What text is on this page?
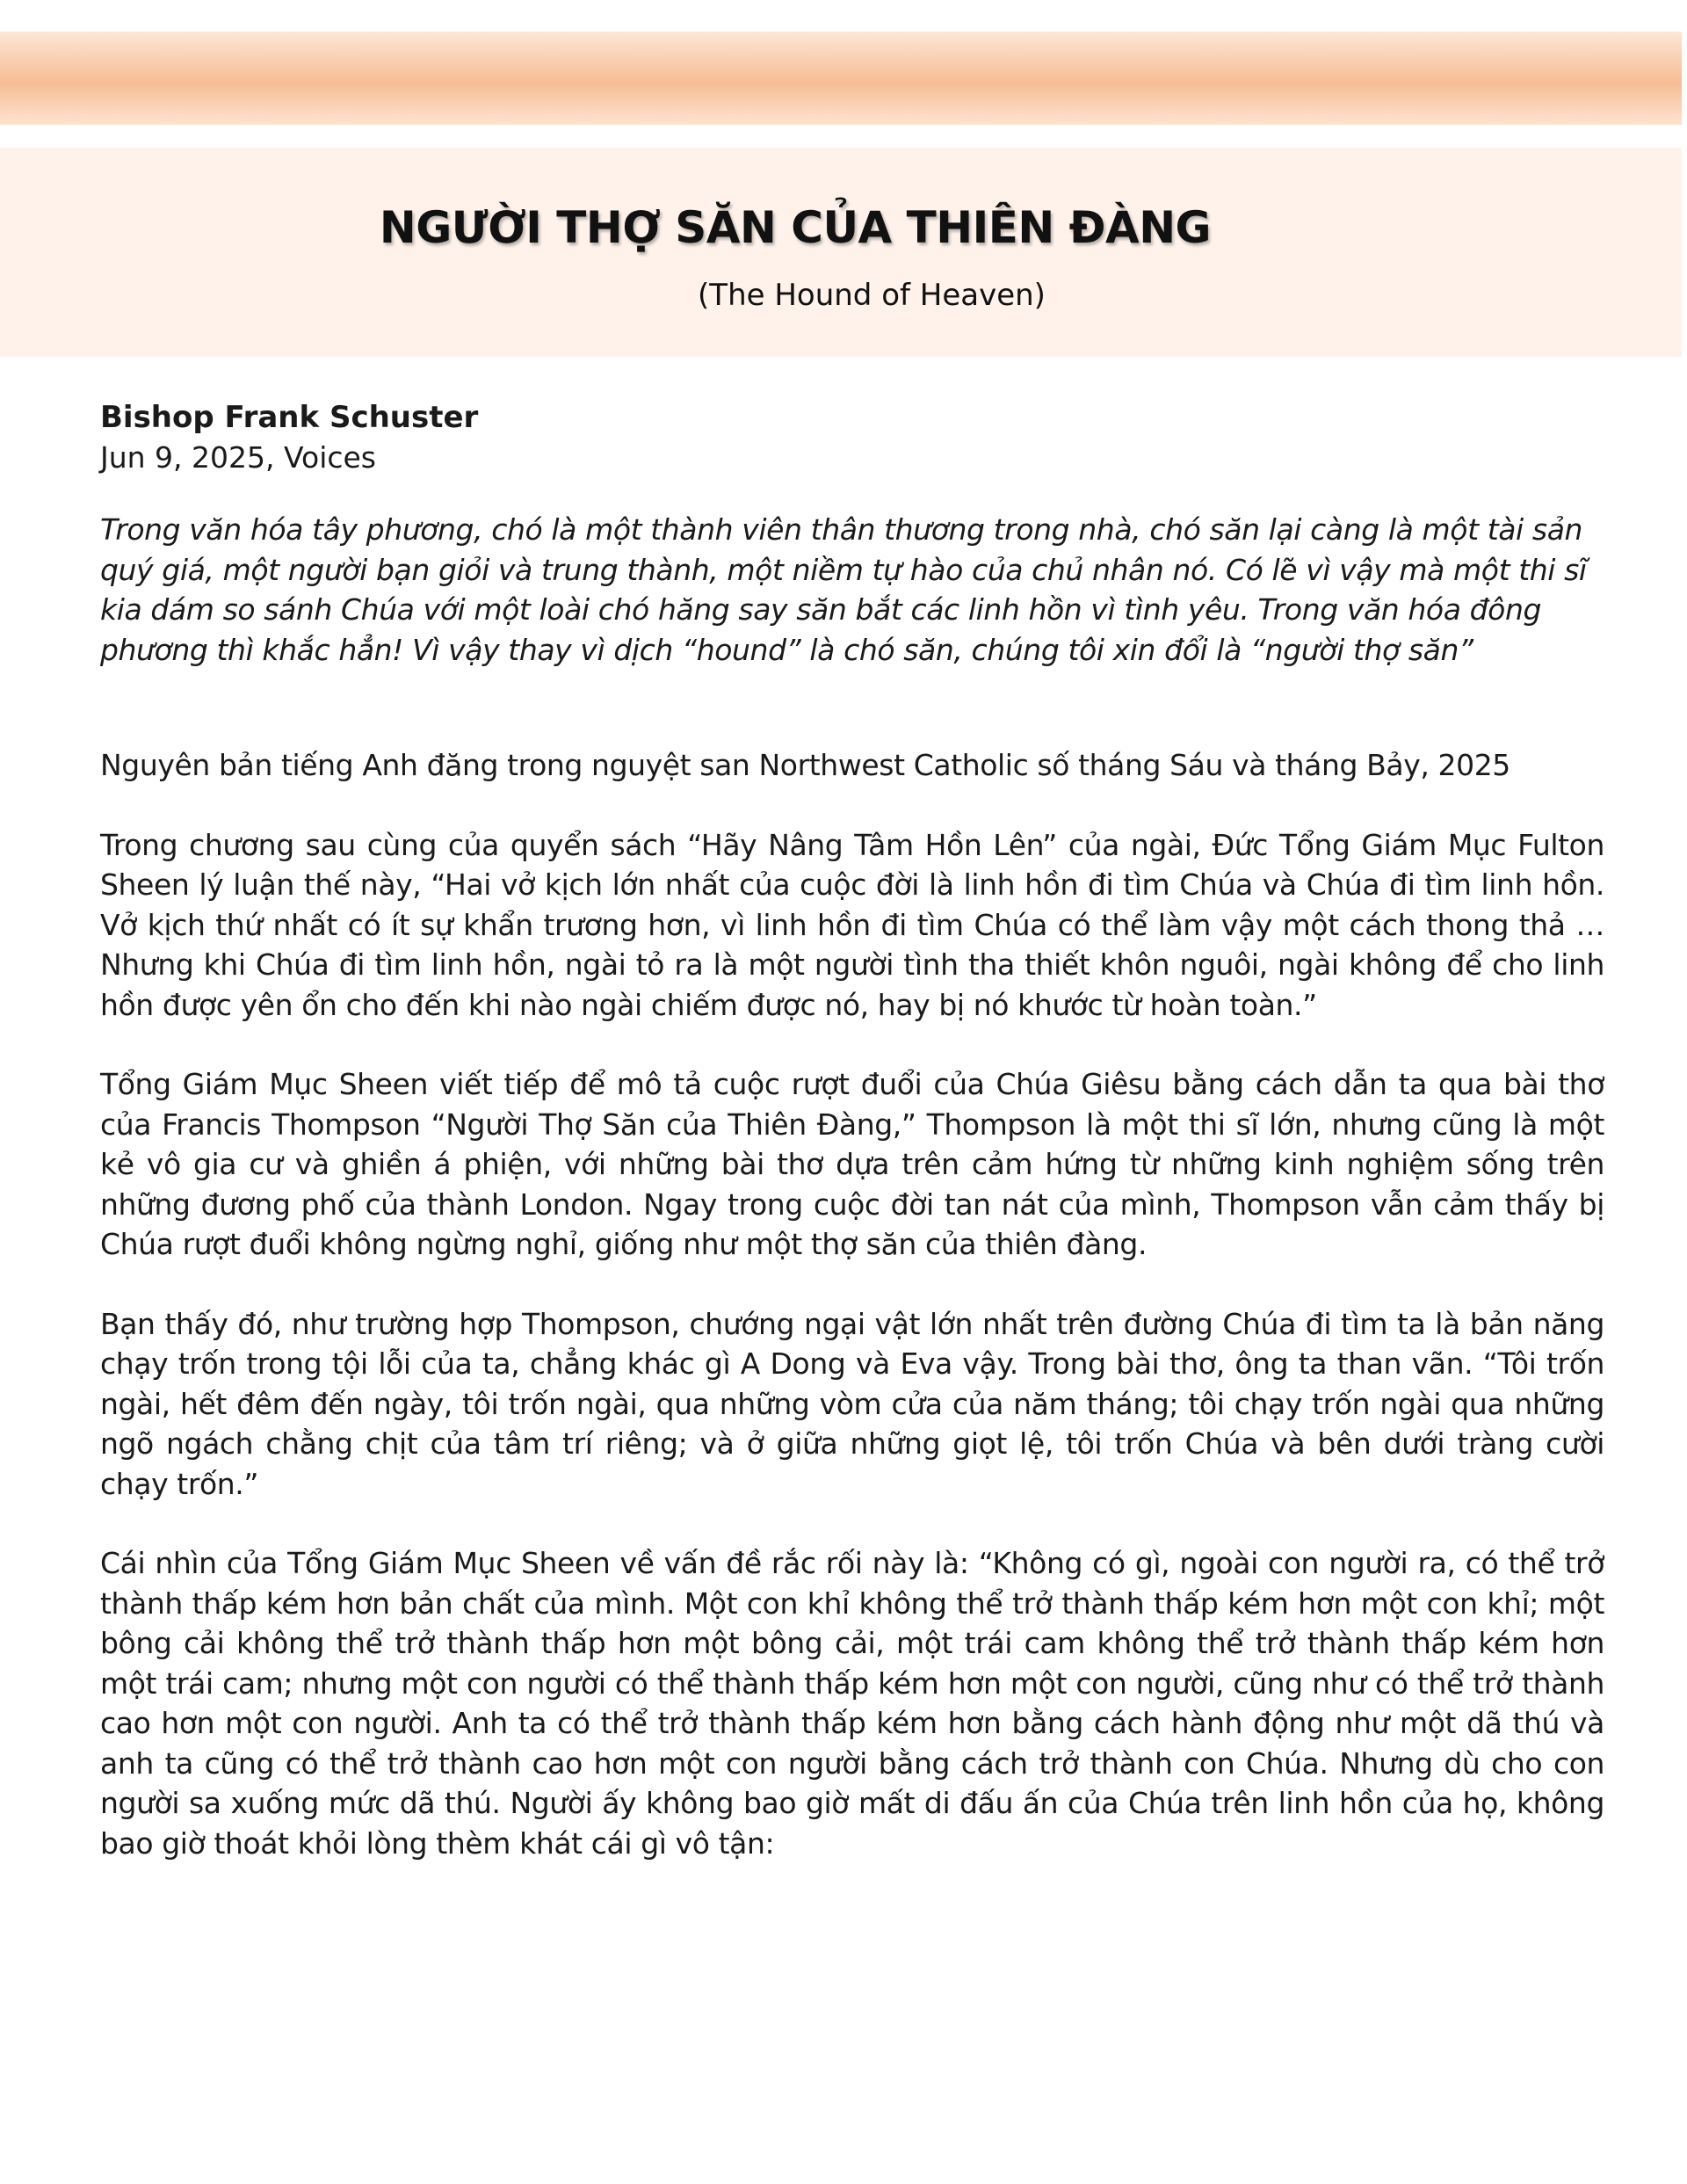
NGƯỜI THỢ SĂN CỦA THIÊN ĐÀNG
(The Hound of Heaven)

Bishop Frank Schuster

Jun 9, 2025, Voices

Trong văn hóa tây phương, chó là một thành viên thân thương trong nhà, chó săn lại càng là một tài sản quý giá, một người bạn giỏi và trung thành, một niềm tự hào của chủ nhân nó. Có lẽ vì vậy mà một thi sĩ kia dám so sánh Chúa với một loài chó hăng say săn bắt các linh hồn vì tình yêu. Trong văn hóa đông phương thì khắc hẳn! Vì vậy thay vì dịch “hound” là chó săn, chúng tôi xin đổi là “người thợ săn”

Nguyên bản tiếng Anh đăng trong nguyệt san Northwest Catholic số tháng Sáu và tháng Bảy, 2025

Trong chương sau cùng của quyển sách “Hãy Nâng Tâm Hồn Lên” của ngài, Đức Tổng Giám Mục Fulton Sheen lý luận thế này, “Hai vở kịch lớn nhất của cuộc đời là linh hồn đi tìm Chúa và Chúa đi tìm linh hồn. Vở kịch thứ nhất có ít sự khẩn trương hơn, vì linh hồn đi tìm Chúa có thể làm vậy một cách thong thả … Nhưng khi Chúa đi tìm linh hồn, ngài tỏ ra là một người tình tha thiết khôn nguôi, ngài không để cho linh hồn được yên ổn cho đến khi nào ngài chiếm được nó, hay bị nó khước từ hoàn toàn.”

Tổng Giám Mục Sheen viết tiếp để mô tả cuộc rượt đuổi của Chúa Giêsu bằng cách dẫn ta qua bài thơ của Francis Thompson “Người Thợ Săn của Thiên Đàng,” Thompson là một thi sĩ lớn, nhưng cũng là một kẻ vô gia cư và ghiền á phiện, với những bài thơ dựa trên cảm hứng từ những kinh nghiệm sống trên những đương phố của thành London. Ngay trong cuộc đời tan nát của mình, Thompson vẫn cảm thấy bị Chúa rượt đuổi không ngừng nghỉ, giống như một thợ săn của thiên đàng.

Bạn thấy đó, như trường hợp Thompson, chướng ngại vật lớn nhất trên đường Chúa đi tìm ta là bản năng chạy trốn trong tội lỗi của ta, chẳng khác gì A Dong và Eva vậy. Trong bài thơ, ông ta than vãn. “Tôi trốn ngài, hết đêm đến ngày, tôi trốn ngài, qua những vòm cửa của năm tháng; tôi chạy trốn ngài qua những ngõ ngách chằng chịt của tâm trí riêng; và ở giữa những giọt lệ, tôi trốn Chúa và bên dưới tràng cười chạy trốn.”

Cái nhìn của Tổng Giám Mục Sheen về vấn đề rắc rối này là: “Không có gì, ngoài con người ra, có thể trở thành thấp kém hơn bản chất của mình. Một con khỉ không thể trở thành thấp kém hơn một con khỉ; một bông cải không thể trở thành thấp hơn một bông cải, một trái cam không thể trở thành thấp kém hơn một trái cam; nhưng một con người có thể thành thấp kém hơn một con người, cũng như có thể trở thành cao hơn một con người. Anh ta có thể trở thành thấp kém hơn bằng cách hành động như một dã thú và anh ta cũng có thể trở thành cao hơn một con người bằng cách trở thành con Chúa. Nhưng dù cho con người sa xuống mức dã thú. Người ấy không bao giờ mất di đấu ấn của Chúa trên linh hồn của họ, không bao giờ thoát khỏi lòng thèm khát cái gì vô tận:
